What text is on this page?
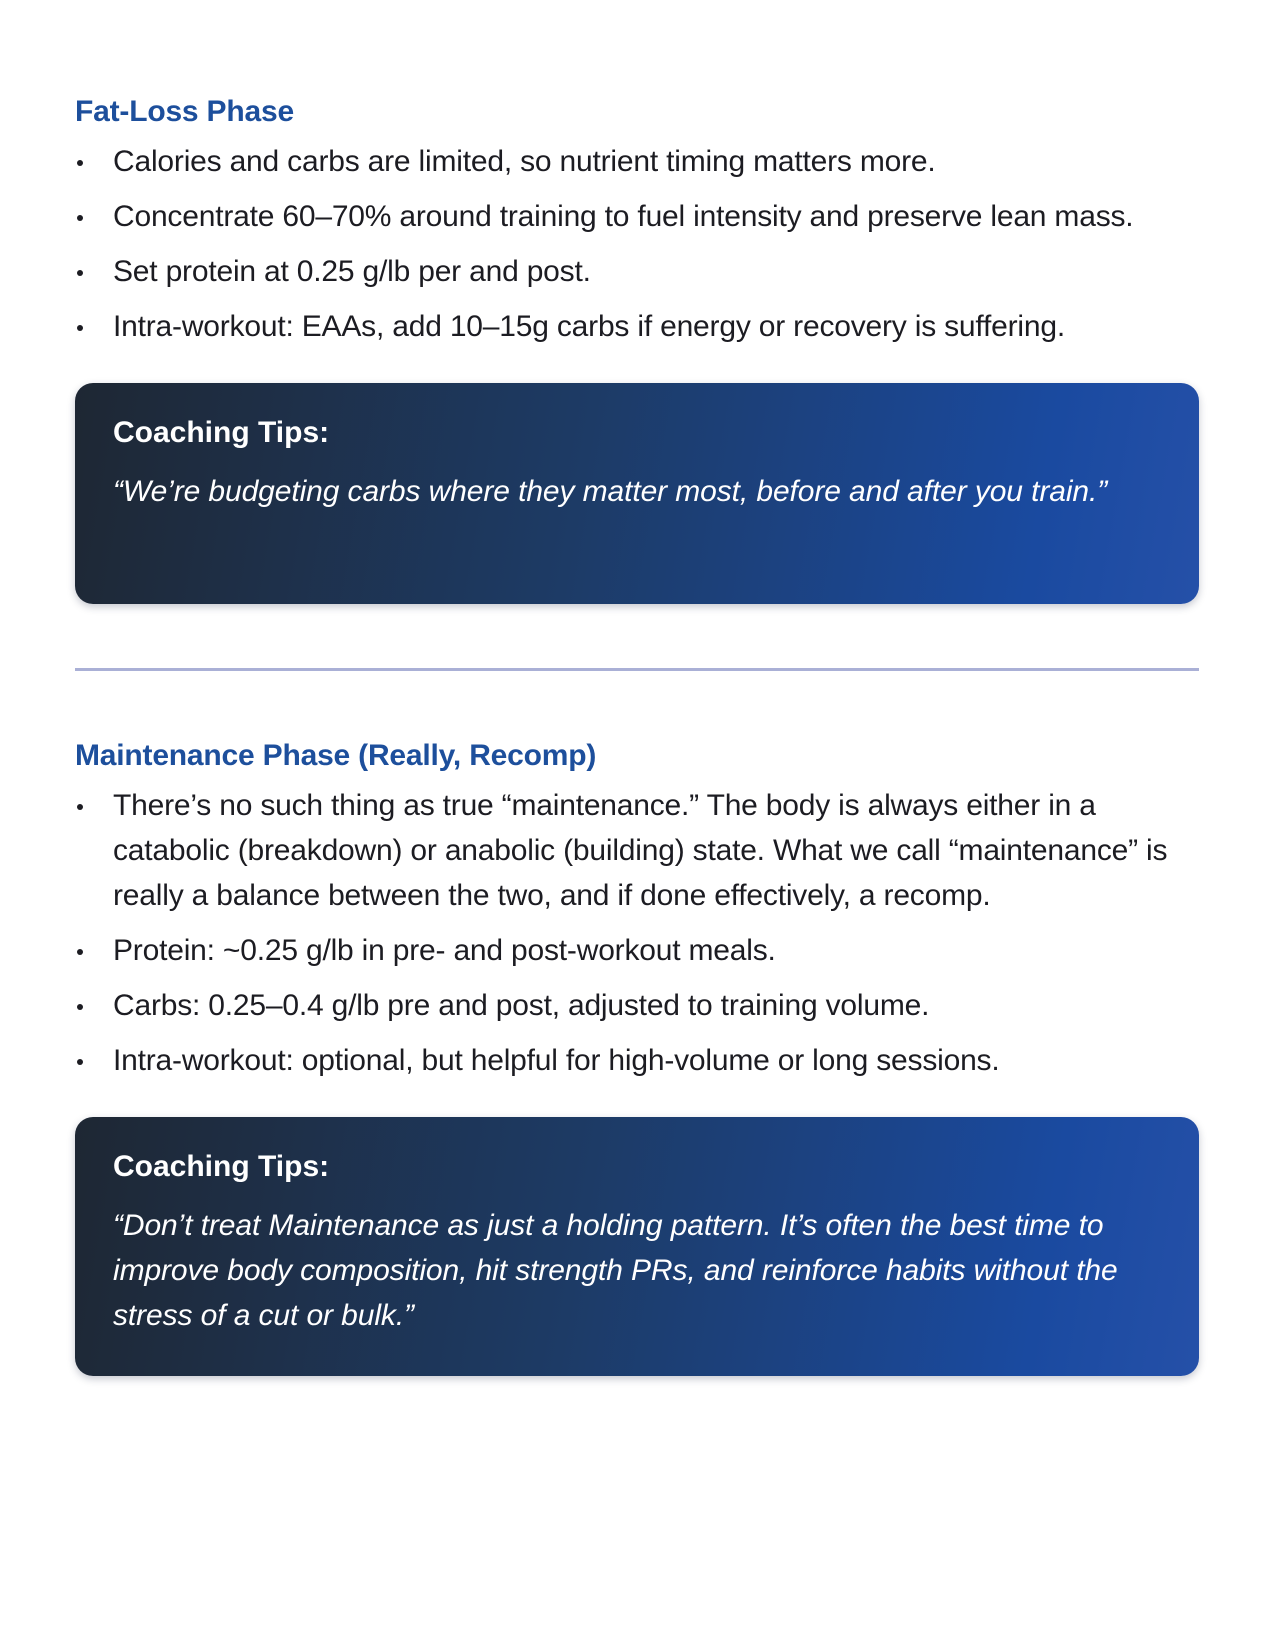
Fat-Loss Phase
Calories and carbs are limited, so nutrient timing matters more.
Concentrate 60–70% around training to fuel intensity and preserve lean mass.
Set protein at 0.25 g/lb per and post.
Intra-workout: EAAs, add 10–15g carbs if energy or recovery is suffering.
Coaching Tips:
“We’re budgeting carbs where they matter most, before and after you train.”
Maintenance Phase (Really, Recomp)
There’s no such thing as true “maintenance.” The body is always either in a catabolic (breakdown) or anabolic (building) state. What we call “maintenance” is really a balance between the two, and if done effectively, a recomp.
Protein: ~0.25 g/lb in pre- and post-workout meals.
Carbs: 0.25–0.4 g/lb pre and post, adjusted to training volume.
Intra-workout: optional, but helpful for high-volume or long sessions.
Coaching Tips:
“Don’t treat Maintenance as just a holding pattern. It’s often the best time to improve body composition, hit strength PRs, and reinforce habits without the stress of a cut or bulk.”
